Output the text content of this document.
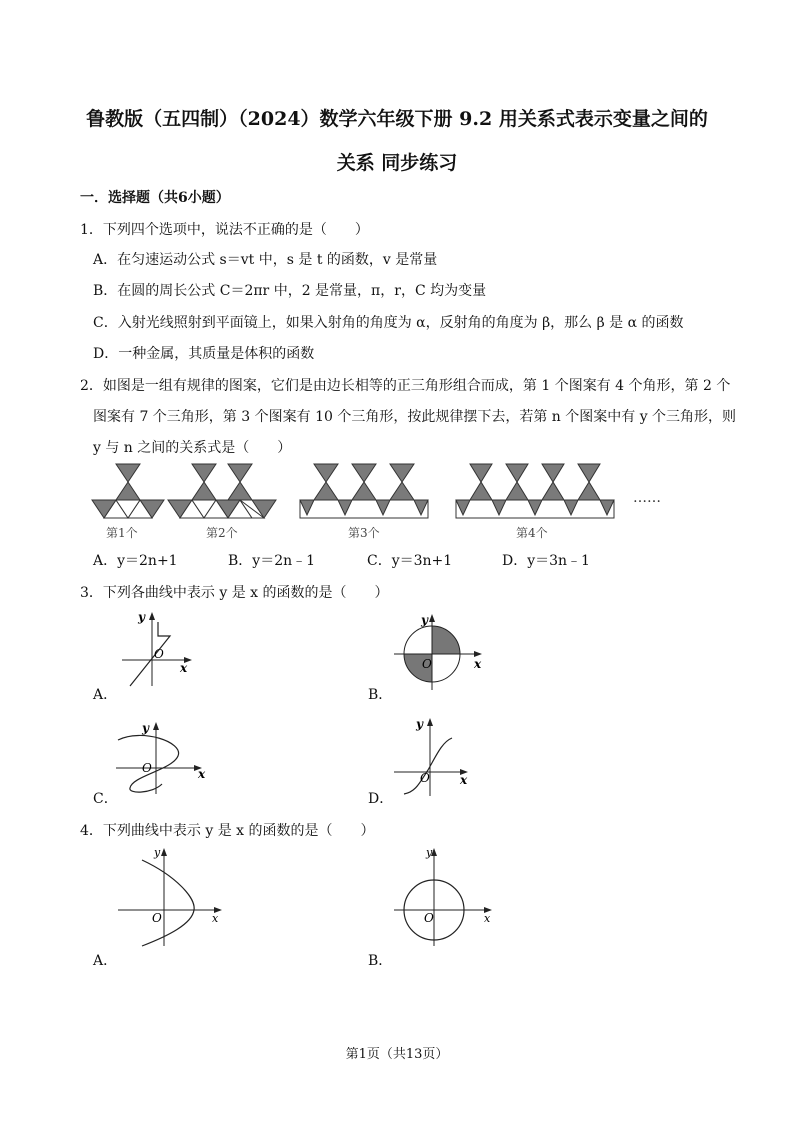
鲁教版（五四制）（2024）数学六年级下册 9.2 用关系式表示变量之间的
关系 同步练习
一．选择题（共6小题）
1．下列四个选项中，说法不正确的是（　　）
A．在匀速运动公式 s＝vt 中，s 是 t 的函数，v 是常量
B．在圆的周长公式 C＝2πr 中，2 是常量，π，r，C 均为变量
C．入射光线照射到平面镜上，如果入射角的角度为 α，反射角的角度为 β，那么 β 是 α 的函数
D．一种金属，其质量是体积的函数
2．如图是一组有规律的图案，它们是由边长相等的正三角形组合而成，第 1 个图案有 4 个角形，第 2 个
图案有 7 个三角形，第 3 个图案有 10 个三角形，按此规律摆下去，若第 n 个图案中有 y 个三角形，则
y 与 n 之间的关系式是（　　）
……
第1个	第2个	第3个	第4个
A．y＝2n+1	B．y＝2n﹣1	C．y＝3n+1	D．y＝3n﹣1
3．下列各曲线中表示 y 是 x 的函数的是（　　）
y
x
O
A．
y
x
O
B．
y
x
O
C．
y
x
O
D．
4．下列曲线中表示 y 是 x 的函数的是（　　）
y
x
O
A．
y
x
O
B．
第1页（共13页）
